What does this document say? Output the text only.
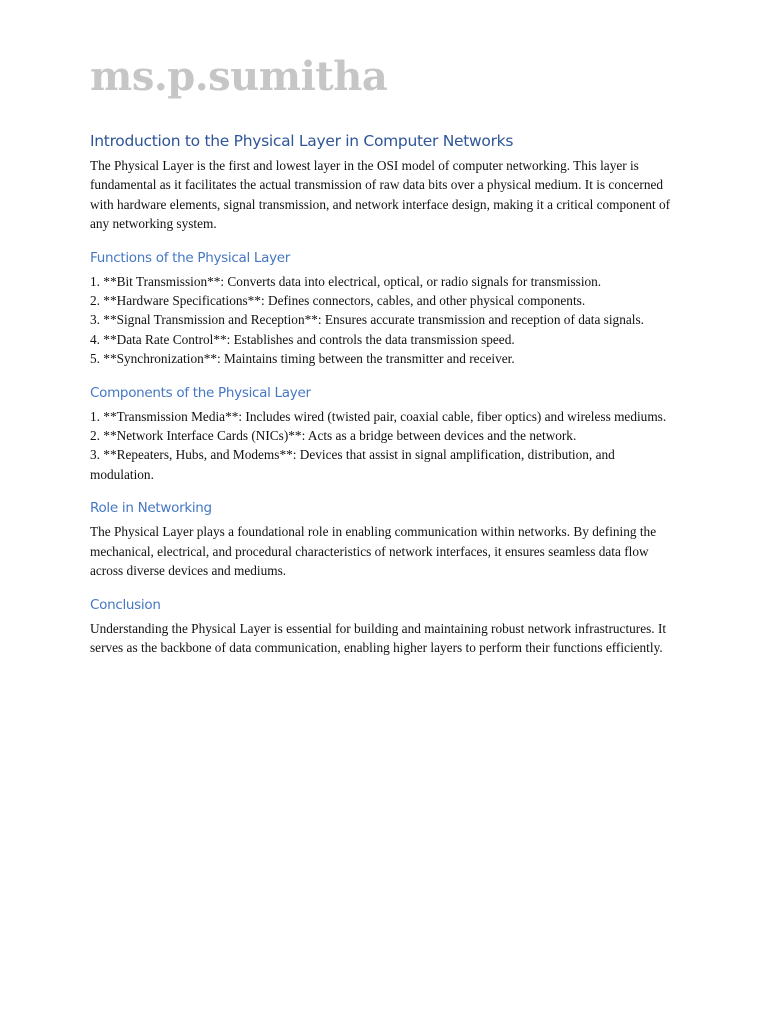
ms.p.sumitha
Introduction to the Physical Layer in Computer Networks

The Physical Layer is the first and lowest layer in the OSI model of computer networking. This layer is fundamental as it facilitates the actual transmission of raw data bits over a physical medium. It is concerned with hardware elements, signal transmission, and network interface design, making it a critical component of any networking system.

Functions of the Physical Layer

1. **Bit Transmission**: Converts data into electrical, optical, or radio signals for transmission.

2. **Hardware Specifications**: Defines connectors, cables, and other physical components.

3. **Signal Transmission and Reception**: Ensures accurate transmission and reception of data signals.

4. **Data Rate Control**: Establishes and controls the data transmission speed.

5. **Synchronization**: Maintains timing between the transmitter and receiver.

Components of the Physical Layer

1. **Transmission Media**: Includes wired (twisted pair, coaxial cable, fiber optics) and wireless mediums.

2. **Network Interface Cards (NICs)**: Acts as a bridge between devices and the network.

3. **Repeaters, Hubs, and Modems**: Devices that assist in signal amplification, distribution, and modulation.

Role in Networking

The Physical Layer plays a foundational role in enabling communication within networks. By defining the mechanical, electrical, and procedural characteristics of network interfaces, it ensures seamless data flow across diverse devices and mediums.

Conclusion

Understanding the Physical Layer is essential for building and maintaining robust network infrastructures. It serves as the backbone of data communication, enabling higher layers to perform their functions efficiently.
